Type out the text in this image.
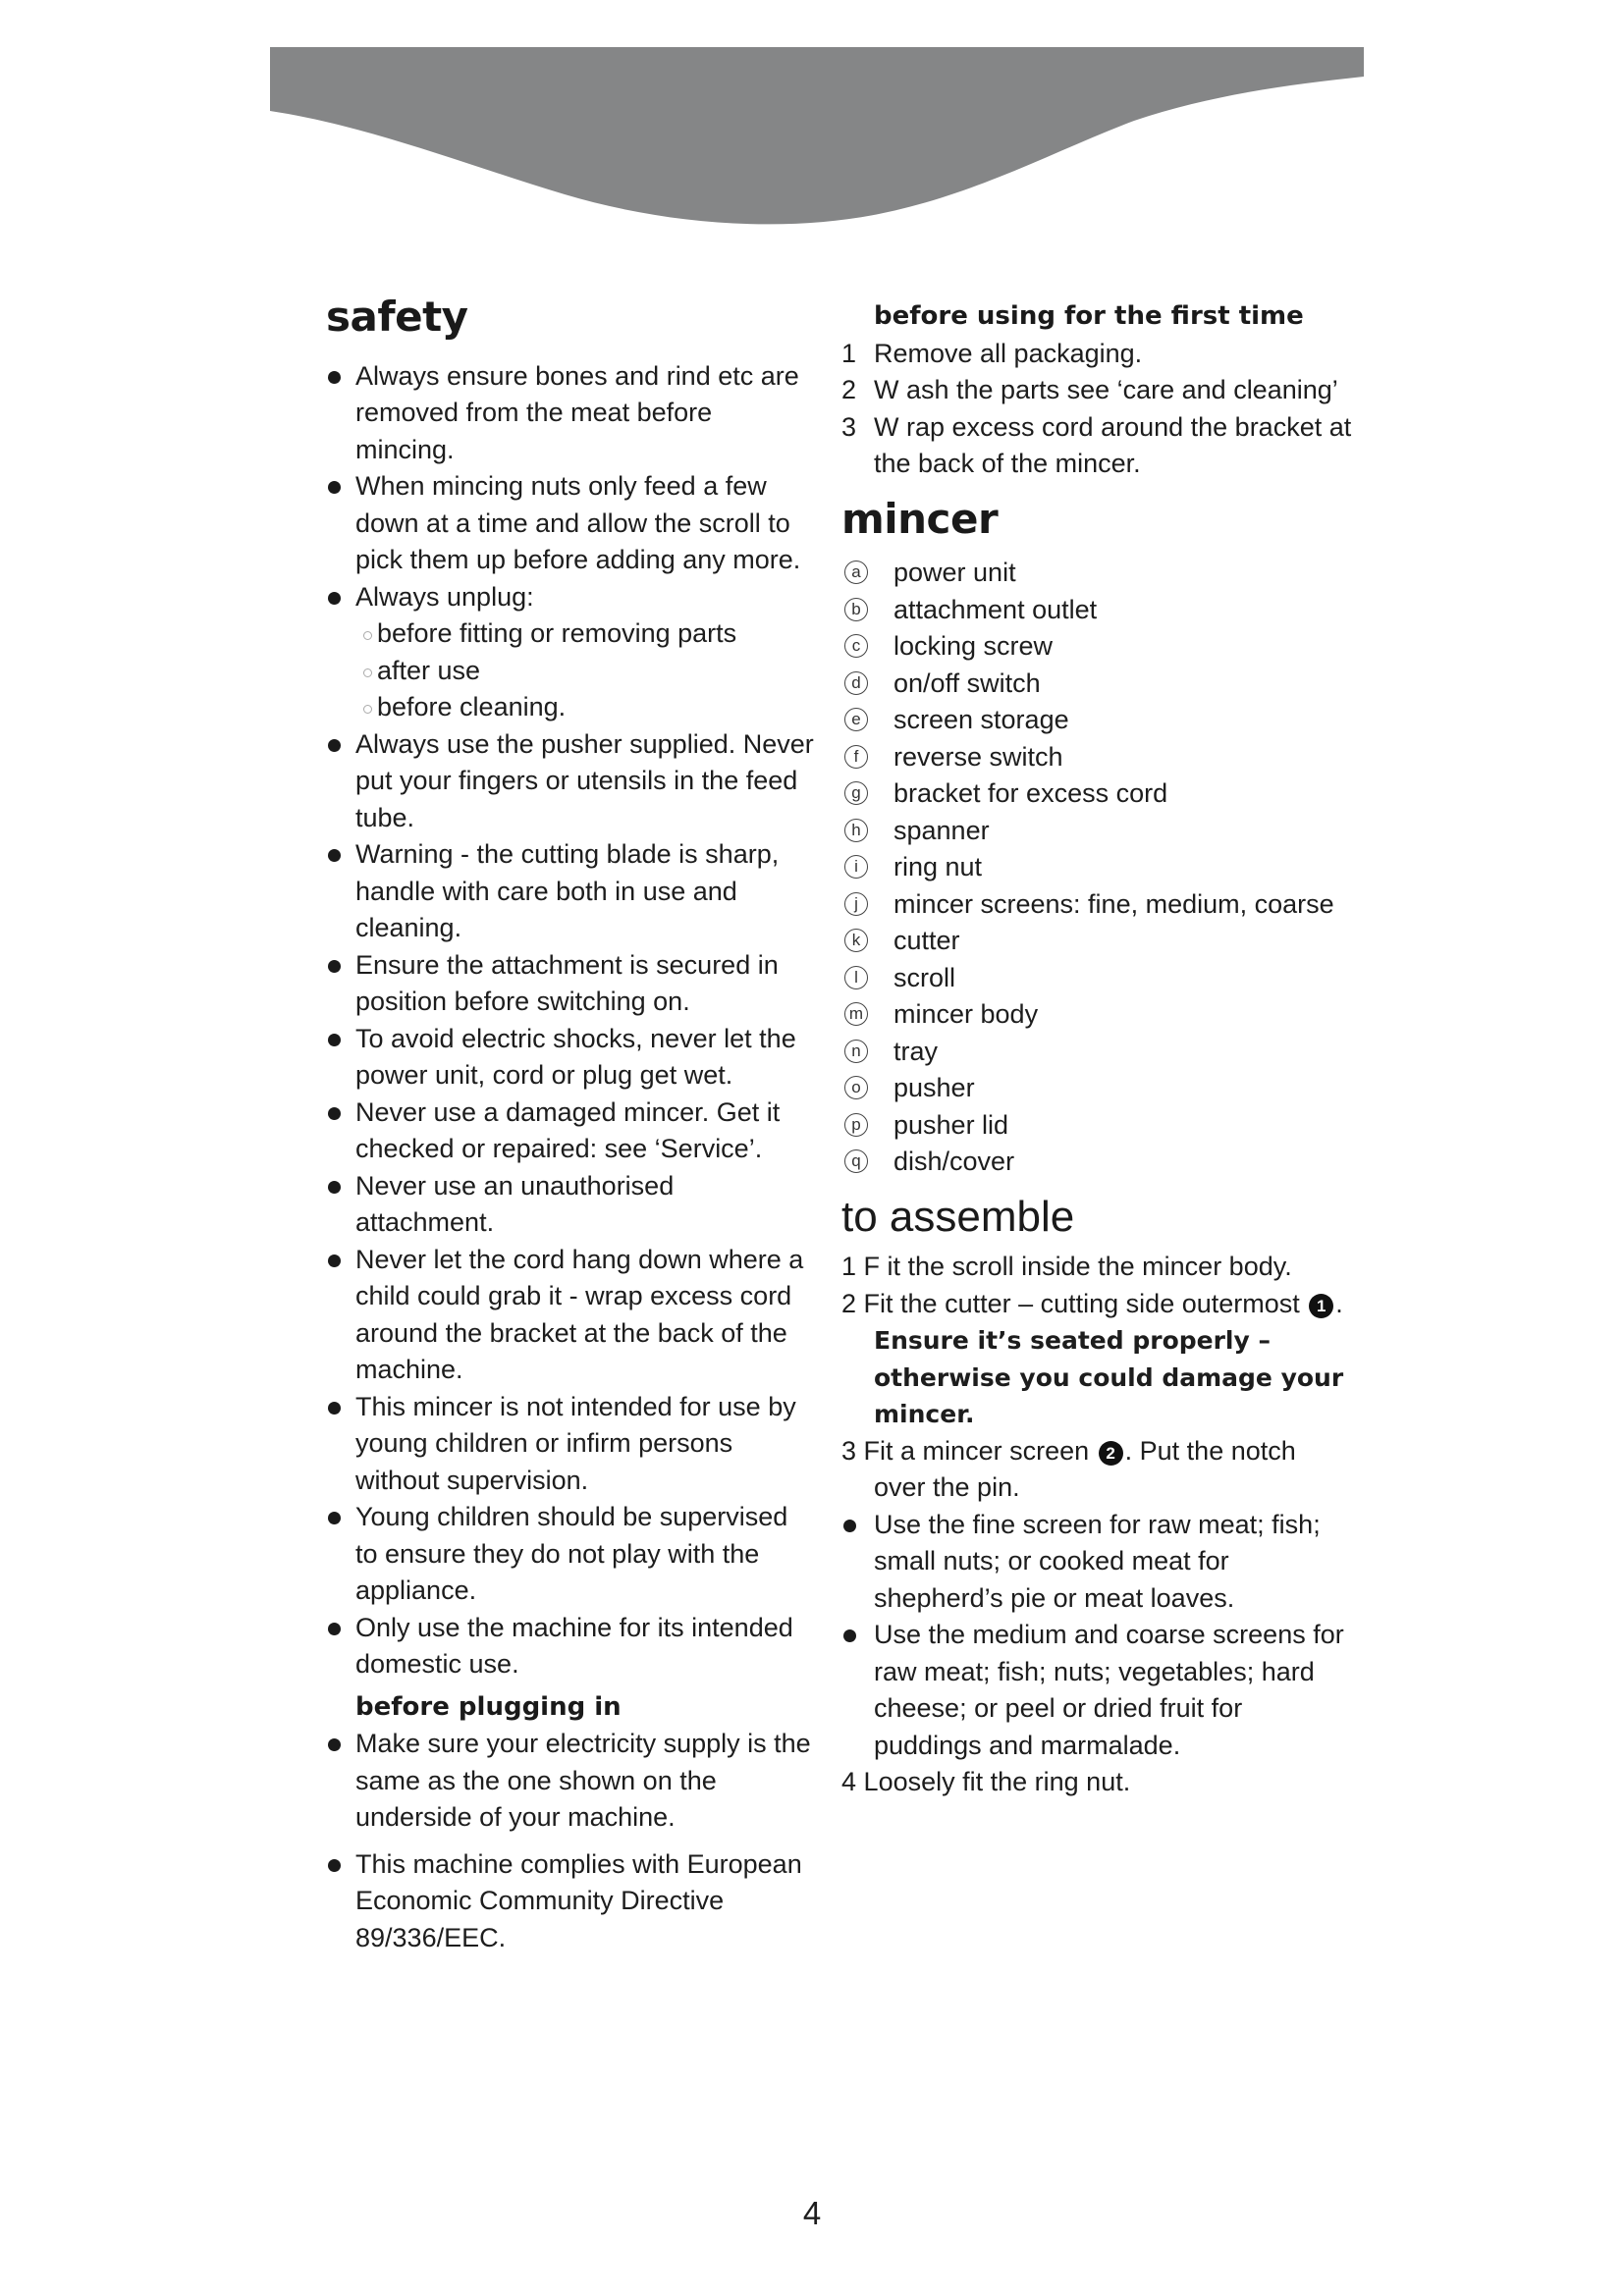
safety
Always ensure bones and rind etc are removed from the meat before mincing.
When mincing nuts only feed a few down at a time and allow the scroll to pick them up before adding any more.
Always unplug:
before fitting or removing parts
after use
before cleaning.
Always use the pusher supplied. Never put your fingers or utensils in the feed tube.
Warning - the cutting blade is sharp, handle with care both in use and cleaning.
Ensure the attachment is secured in position before switching on.
To avoid electric shocks, never let the power unit, cord or plug get wet.
Never use a damaged mincer. Get it checked or repaired: see ‘Service’.
Never use an unauthorised attachment.
Never let the cord hang down where a child could grab it - wrap excess cord around the bracket at the back of the machine.
This mincer is not intended for use by young children or infirm persons without supervision.
Young children should be supervised to ensure they do not play with the appliance.
Only use the machine for its intended domestic use.
before plugging in
Make sure your electricity supply is the same as the one shown on the underside of your machine.
This machine complies with European Economic Community Directive 89/336/EEC.
before using for the first time
1 Remove all packaging.
2 W ash the parts see ‘care and cleaning’
3 W rap excess cord around the bracket at the back of the mincer.
mincer
a power unit
b attachment outlet
c locking screw
d on/off switch
e screen storage
f	reverse switch
g bracket for excess cord
h spanner
i	ring nut
j	mincer screens: fine, medium, coarse
k cutter
l	scroll
m mincer body
n tray
o pusher
p pusher lid
q dish/cover
to assemble
1 F it the scroll inside the mincer body.
2 Fit the cutter – cutting side outermost 1 . Ensure it’s seated properly – otherwise you could damage your mincer.
3 Fit a mincer screen 2 . Put the notch over the pin.
Use the fine screen for raw meat; fish; small nuts; or cooked meat for shepherd’s pie or meat loaves.
Use the medium and coarse screens for raw meat; fish; nuts; vegetables; hard cheese; or peel or dried fruit for puddings and marmalade.
4 Loosely fit the ring nut.
4
